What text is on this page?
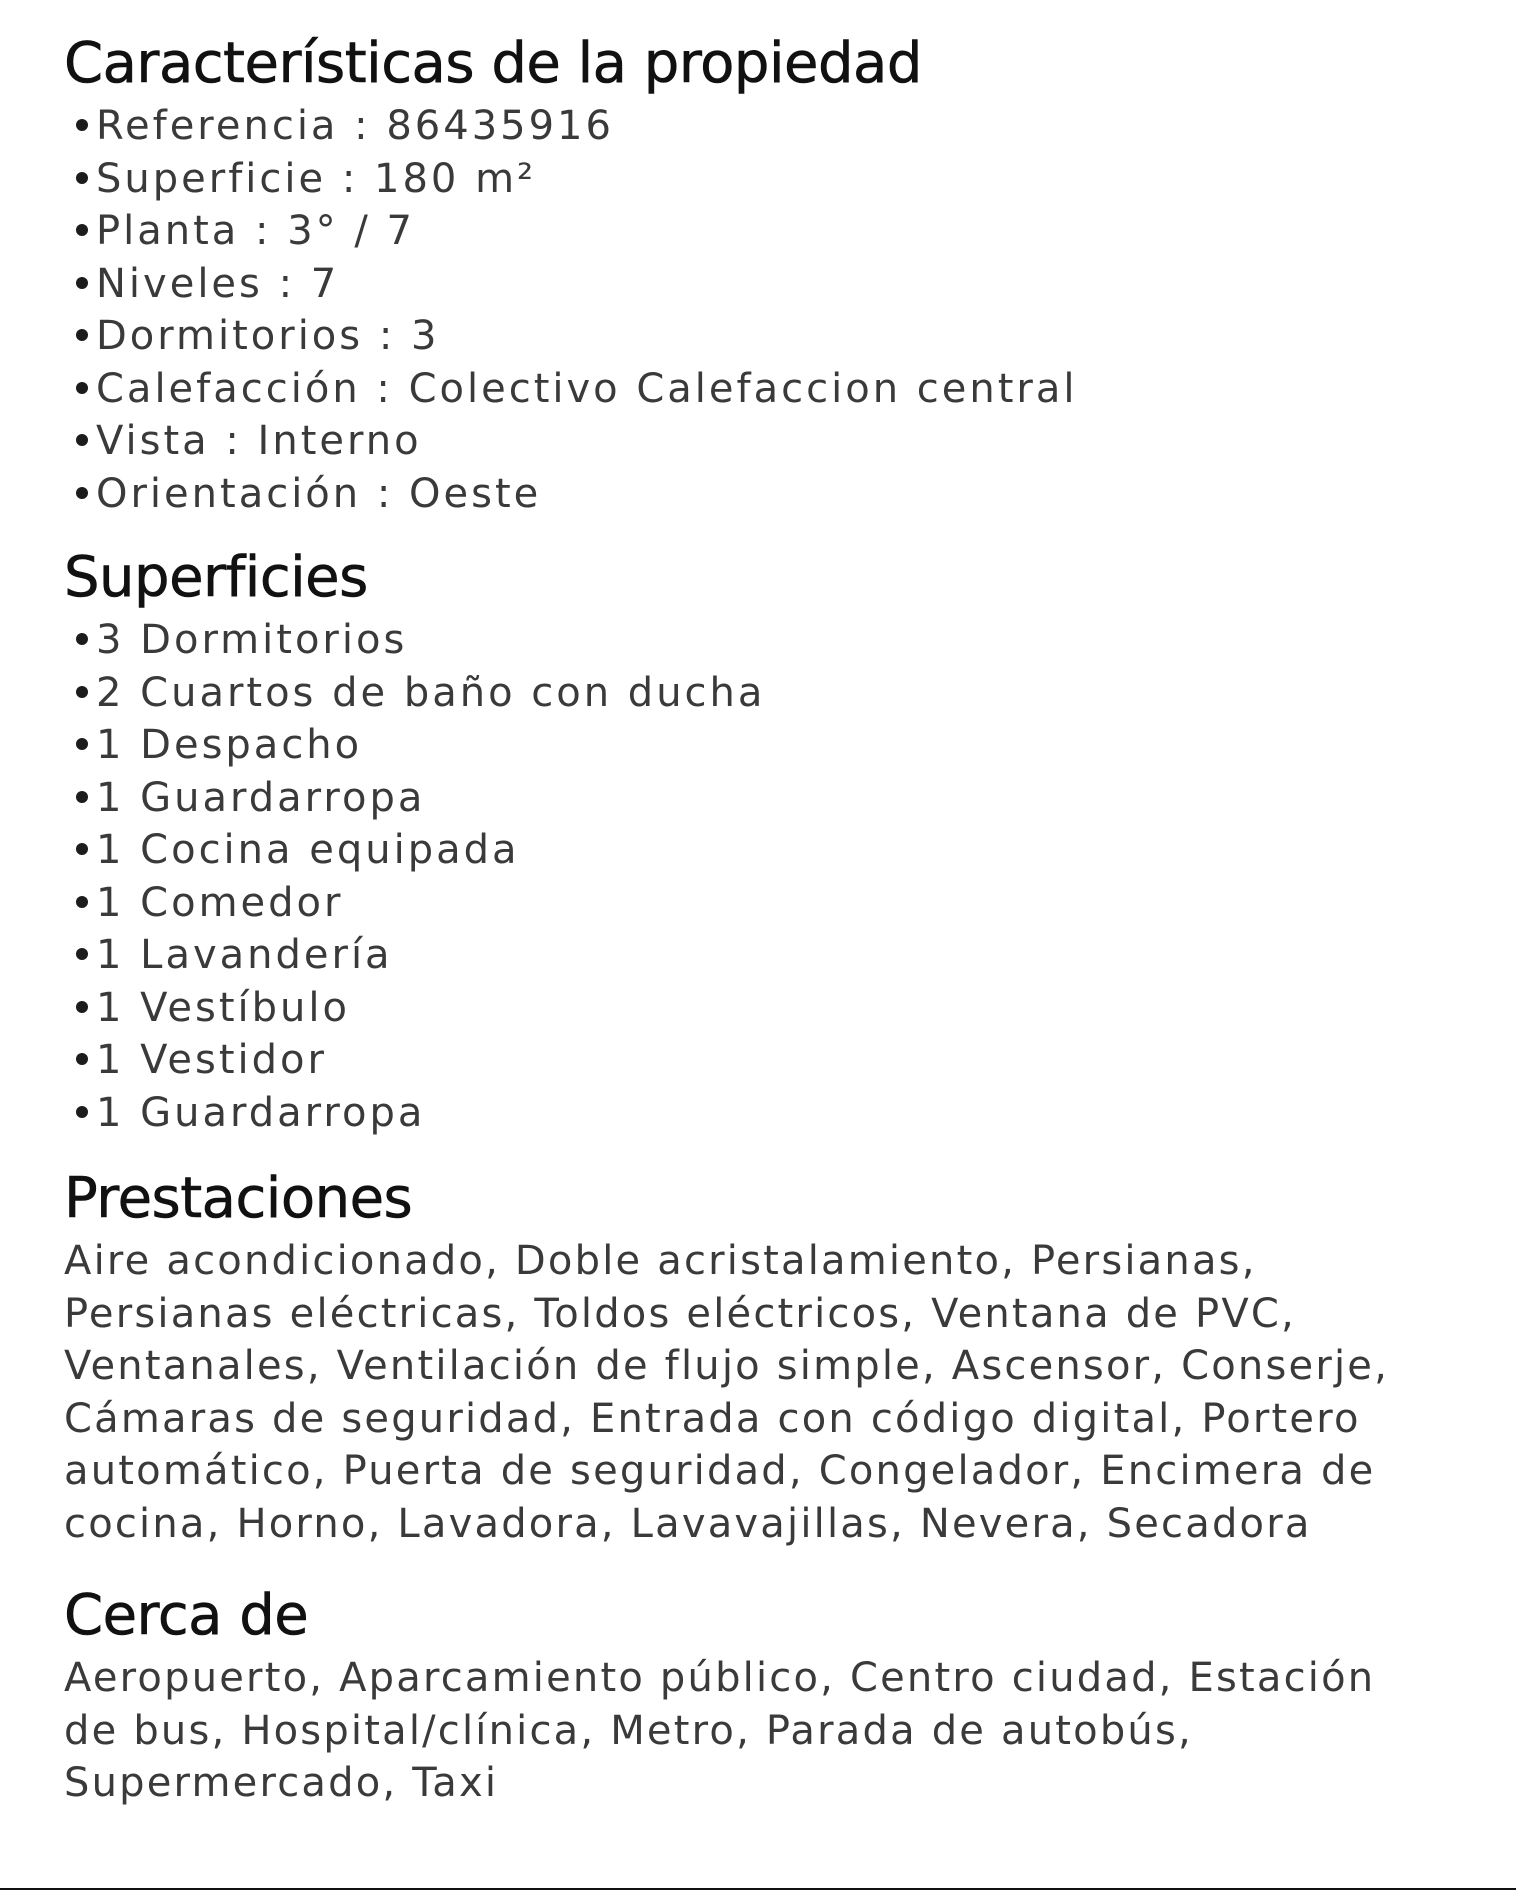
Características de la propiedad
Referencia : 86435916
Superficie : 180 m²
Planta : 3° / 7
Niveles : 7
Dormitorios : 3
Calefacción : Colectivo Calefaccion central
Vista : Interno
Orientación : Oeste
Superficies
3 Dormitorios
2 Cuartos de baño con ducha
1 Despacho
1 Guardarropa
1 Cocina equipada
1 Comedor
1 Lavandería
1 Vestíbulo
1 Vestidor
1 Guardarropa
Prestaciones

Aire acondicionado, Doble acristalamiento, Persianas, Persianas eléctricas, Toldos eléctricos, Ventana de PVC, Ventanales, Ventilación de flujo simple, Ascensor, Conserje, Cámaras de seguridad, Entrada con código digital, Portero automático, Puerta de seguridad, Congelador, Encimera de cocina, Horno, Lavadora, Lavavajillas, Nevera, Secadora

Cerca de

Aeropuerto, Aparcamiento público, Centro ciudad, Estación de bus, Hospital/clínica, Metro, Parada de autobús, Supermercado, Taxi
